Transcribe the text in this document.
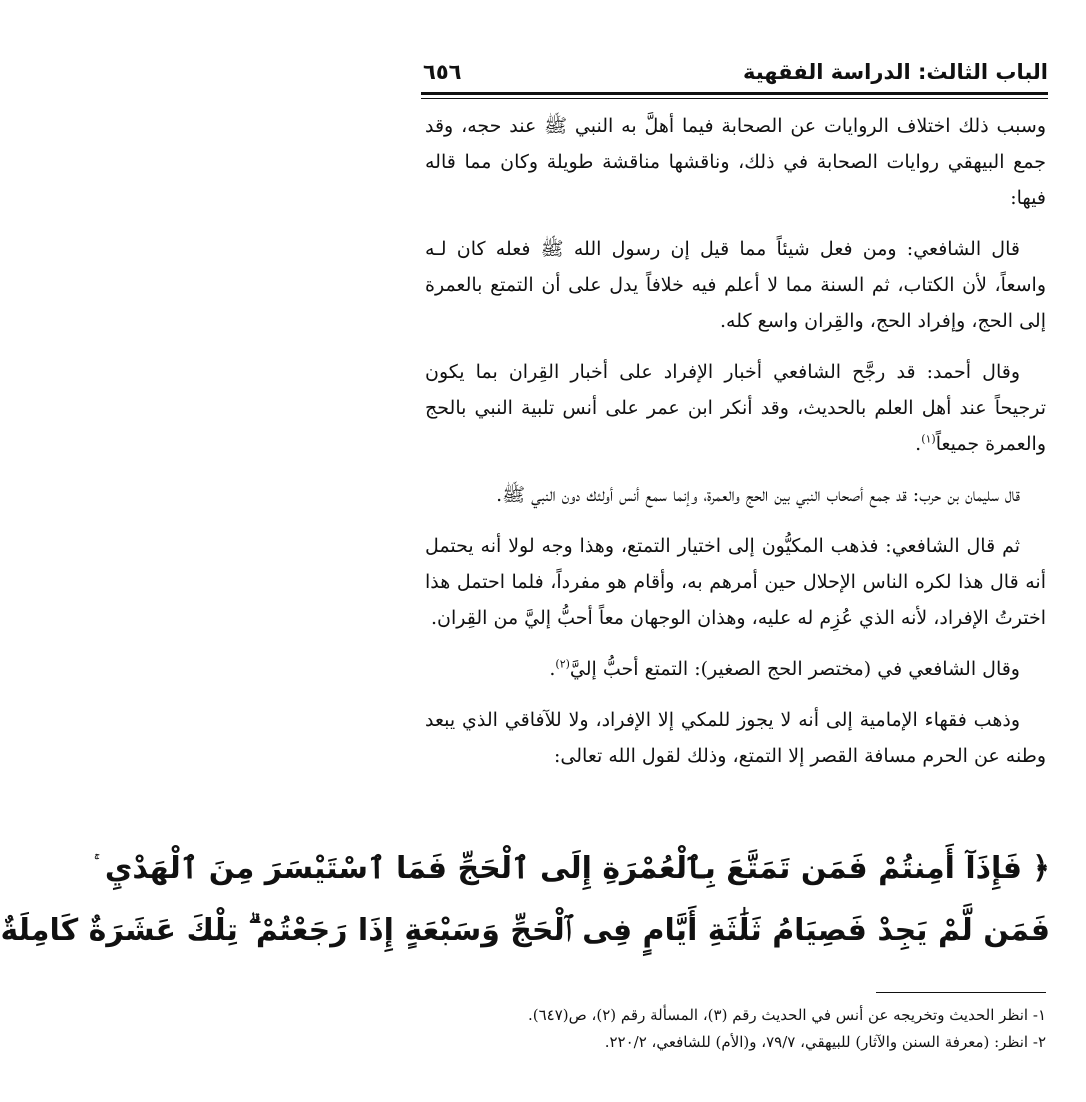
الباب الثالث: الدراسة الفقهية
٦٥٦

وسبب ذلك اختلاف الروايات عن الصحابة فيما أهلَّ به النبي ﷺ عند حجه، وقد جمع البيهقي روايات الصحابة في ذلك، وناقشها مناقشة طويلة وكان مما قاله فيها:

قال الشافعي: ومن فعل شيئاً مما قيل إن رسول الله ﷺ فعله كان لـه واسعاً، لأن الكتاب، ثم السنة مما لا أعلم فيه خلافاً يدل على أن التمتع بالعمرة إلى الحج، وإفراد الحج، والقِران واسع كله.

وقال أحمد: قد رجَّح الشافعي أخبار الإفراد على أخبار القِران بما يكون ترجيحاً عند أهل العلم بالحديث، وقد أنكر ابن عمر على أنس تلبية النبي بالحج والعمرة جميعاً$^{(١)}$.

قال سليمان بن حرب: قد جمع أصحاب النبي بين الحج والعمرة، وإنما سمع أنس أولئك دون النبي ﷺ.

ثم قال الشافعي: فذهب المكيُّون إلى اختيار التمتع، وهذا وجه لولا أنه يحتمل أنه قال هذا لكره الناس الإحلال حين أمرهم به، وأقام هو مفرداً، فلما احتمل هذا اخترتُ الإفراد، لأنه الذي عُزِم له عليه، وهذان الوجهان معاً أحبُّ إليَّ من القِران.

وقال الشافعي في (مختصر الحج الصغير): التمتع أحبُّ إليَّ$^{(٢)}$.

وذهب فقهاء الإمامية إلى أنه لا يجوز للمكي إلا الإفراد، ولا للآفاقي الذي يبعد وطنه عن الحرم مسافة القصر إلا التمتع، وذلك لقول الله تعالى:

﴿ فَإِذَآ أَمِنتُمْ فَمَن تَمَتَّعَ بِٱلْعُمْرَةِ إِلَى ٱلْحَجِّ فَمَا ٱسْتَيْسَرَ مِنَ ٱلْهَدْيِ
فَمَن لَّمْ يَجِدْ فَصِيَامُ ثَلَٰثَةِ أَيَّامٍ فِى ٱلْحَجِّ وَسَبْعَةٍ إِذَا رَجَعْتُمْ ۗ تِلْكَ عَشَرَةٌ كَامِلَةٌ

١- انظر الحديث وتخريجه عن أنس في الحديث رقم (٣)، المسألة رقم (٢)، ص(٦٤٧).

٢- انظر: (معرفة السنن والآثار) للبيهقي، ٧٩/٧، و(الأم) للشافعي، ٢٢٠/٢.
